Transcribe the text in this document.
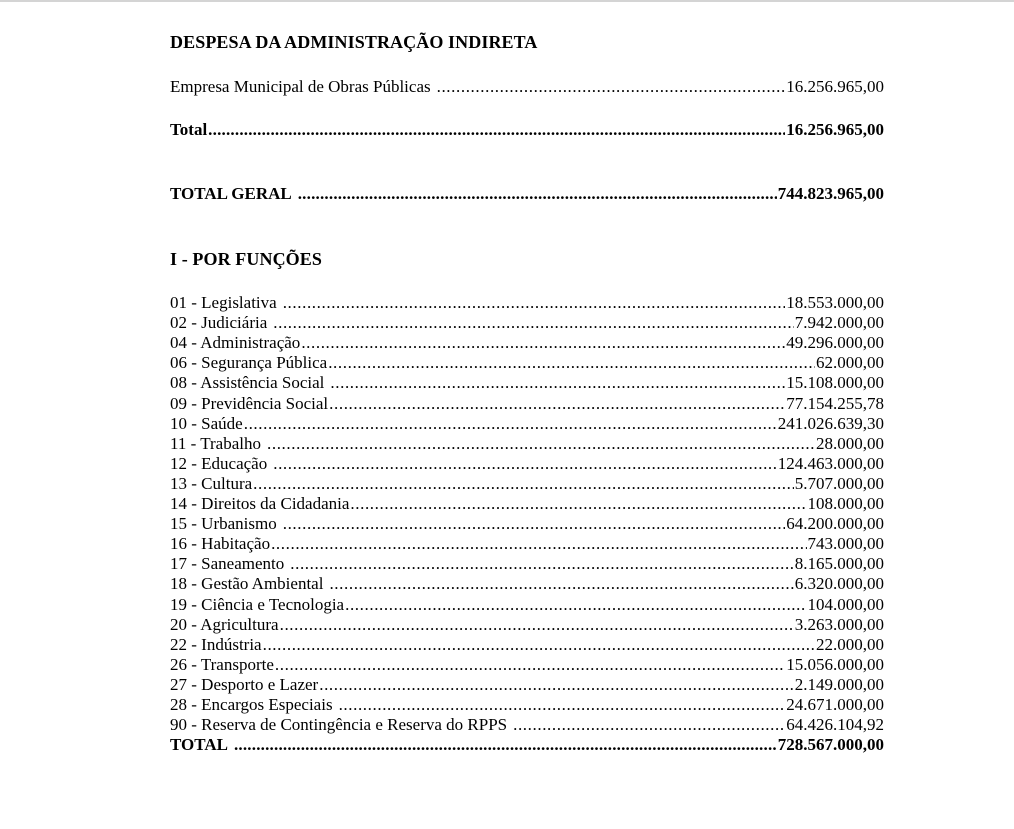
DESPESA DA ADMINISTRAÇÃO INDIRETA
Empresa Municipal de Obras Públicas .....	16.256.965,00
Total .....	16.256.965,00
TOTAL GERAL .....	744.823.965,00
I - POR FUNÇÕES
01 - Legislativa .....	18.553.000,00
02 - Judiciária .....	7.942.000,00
04 - Administração .....	49.296.000,00
06 - Segurança Pública .....	62.000,00
08 - Assistência Social .....	15.108.000,00
09 - Previdência Social .....	77.154.255,78
10 - Saúde .....	241.026.639,30
11 - Trabalho .....	28.000,00
12 - Educação .....	124.463.000,00
13 - Cultura .....	5.707.000,00
14 - Direitos da Cidadania .....	108.000,00
15 - Urbanismo .....	64.200.000,00
16 - Habitação .....	743.000,00
17 - Saneamento .....	8.165.000,00
18 - Gestão Ambiental .....	6.320.000,00
19 - Ciência e Tecnologia .....	104.000,00
20 - Agricultura .....	3.263.000,00
22 - Indústria .....	22.000,00
26 - Transporte .....	15.056.000,00
27 - Desporto e Lazer .....	2.149.000,00
28 - Encargos Especiais .....	24.671.000,00
90 - Reserva de Contingência e Reserva do RPPS .....	64.426.104,92
TOTAL .....	728.567.000,00
